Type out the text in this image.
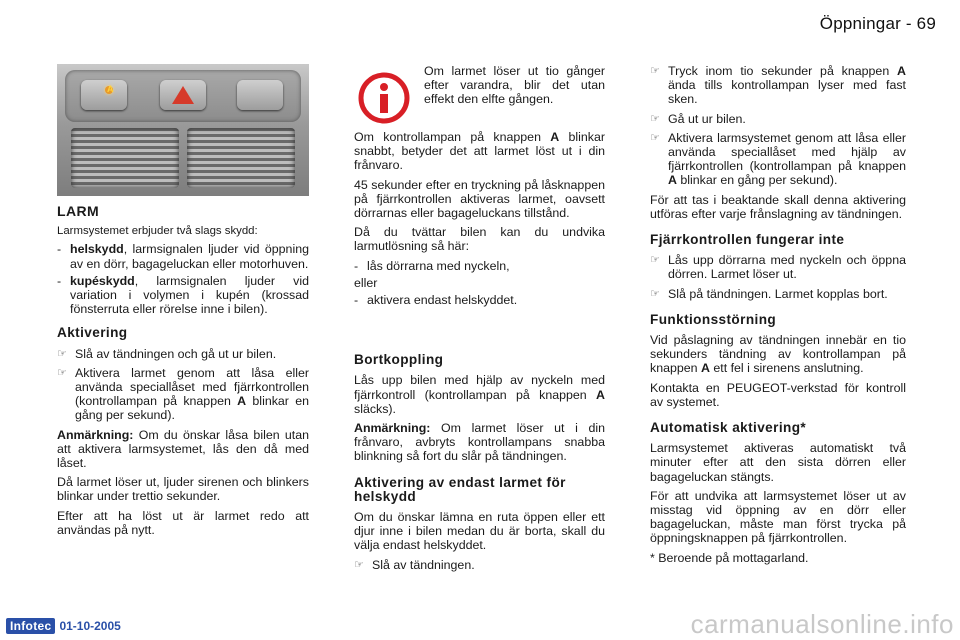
Öppningar - 69
A
LARM

Larmsystemet erbjuder två slags skydd:

- helskydd, larmsignalen ljuder vid öppning av en dörr, bagageluckan eller motorhuven.
- kupéskydd, larmsignalen ljuder vid variation i volymen i kupén (krossad fönsterruta eller rörelse inne i bilen).
Aktivering
☞ Slå av tändningen och gå ut ur bilen.
☞ Aktivera larmet genom att låsa eller använda speciallåset med fjärrkontrollen (kontrollampan på knappen A blinkar en gång per sekund).

Anmärkning: Om du önskar låsa bilen utan att aktivera larmsystemet, lås den då med låset.

Då larmet löser ut, ljuder sirenen och blinkers blinkar under trettio sekunder.

Efter att ha löst ut är larmet redo att användas på nytt.

Om larmet löser ut tio gånger efter varandra, blir det utan effekt den elfte gången.

Om kontrollampan på knappen A blinkar snabbt, betyder det att larmet löst ut i din frånvaro.

45 sekunder efter en tryckning på låsknappen på fjärrkontrollen aktiveras larmet, oavsett dörrarnas eller bagageluckans tillstånd.

Då du tvättar bilen kan du undvika larmutlösning så här:

- lås dörrarna med nyckeln,

eller

- aktivera endast helskyddet.
Bortkoppling

Lås upp bilen med hjälp av nyckeln med fjärrkontroll (kontrollampan på knappen A släcks).

Anmärkning: Om larmet löser ut i din frånvaro, avbryts kontrollampans snabba blinkning så fort du slår på tändningen.

Aktivering av endast larmet för helskydd

Om du önskar lämna en ruta öppen eller ett djur inne i bilen medan du är borta, skall du välja endast helskyddet.

☞ Slå av tändningen.
☞ Tryck inom tio sekunder på knappen A ända tills kontrollampan lyser med fast sken.
☞ Gå ut ur bilen.
☞ Aktivera larmsystemet genom att låsa eller använda speciallåset med hjälp av fjärrkontrollen (kontrollampan på knappen A blinkar en gång per sekund).

För att tas i beaktande skall denna aktivering utföras efter varje frånslagning av tändningen.

Fjärrkontrollen fungerar inte
☞ Lås upp dörrarna med nyckeln och öppna dörren. Larmet löser ut.
☞ Slå på tändningen. Larmet kopplas bort.
Funktionsstörning

Vid påslagning av tändningen innebär en tio sekunders tändning av kontrollampan på knappen A ett fel i sirenens anslutning.

Kontakta en PEUGEOT-verkstad för kontroll av systemet.

Automatisk aktivering*

Larmsystemet aktiveras automatiskt två minuter efter att den sista dörren eller bagageluckan stängts.

För att undvika att larmsystemet löser ut av misstag vid öppning av en dörr eller bagageluckan, måste man först trycka på öppningsknappen på fjärrkontrollen.

* Beroende på mottagarland.

Infotec 01-10-2005	carmanualsonline.info
